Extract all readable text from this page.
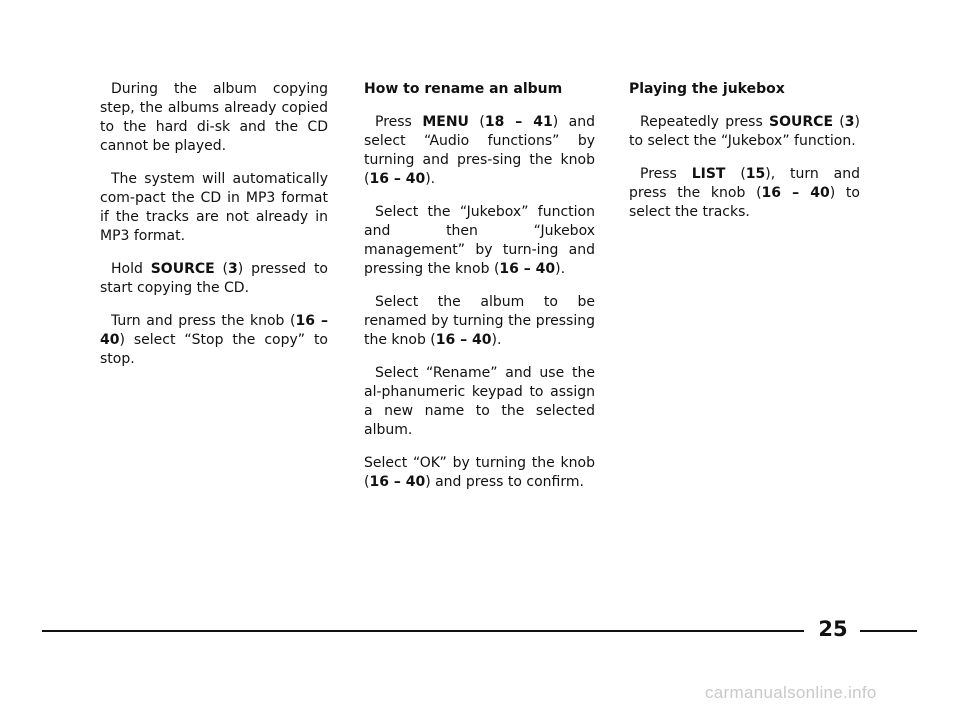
During the album copying step, the albums already copied to the hard di-sk and the CD cannot be played.

The system will automatically com-pact the CD in MP3 format if the tracks are not already in MP3 format.

Hold SOURCE (3) pressed to start copying the CD.

Turn and press the knob (16 – 40) select “Stop the copy” to stop.

How to rename an album

Press MENU (18 – 41) and select “Audio functions” by turning and pres-sing the knob (16 – 40).

Select the “Jukebox” function and then “Jukebox management” by turn-ing and pressing the knob (16 – 40).

Select the album to be renamed by turning the pressing the knob (16 – 40).

Select “Rename” and use the al-phanumeric keypad to assign a new name to the selected album.

Select “OK” by turning the knob (16 – 40) and press to confirm.

Playing the jukebox

Repeatedly press SOURCE (3) to select the “Jukebox” function.

Press LIST (15), turn and press the knob (16 – 40) to select the tracks.

25
carmanualsonline.info
